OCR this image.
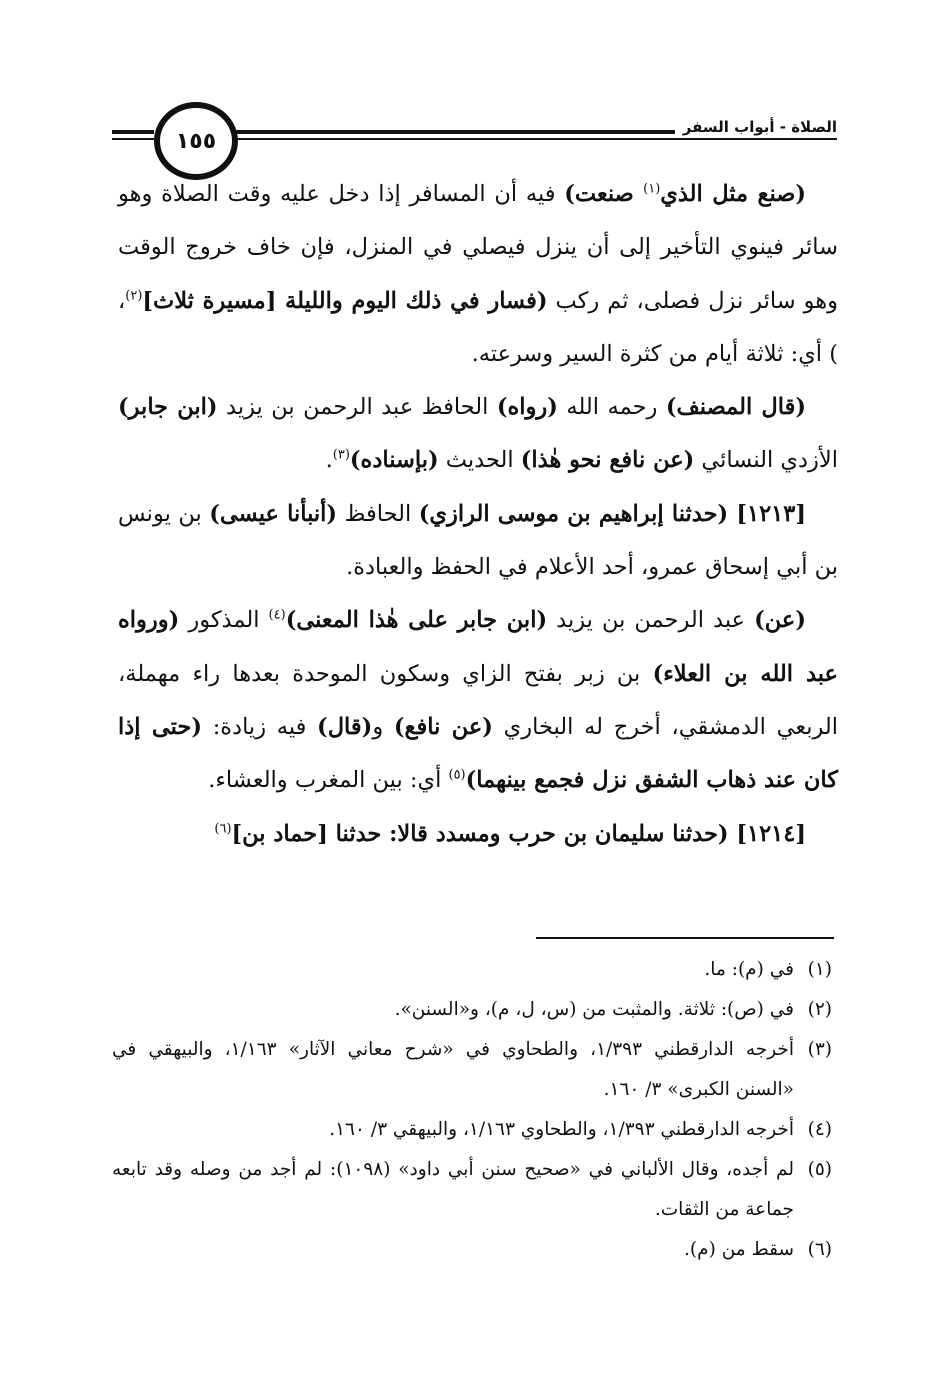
١٥٥
الصلاة - أبواب السفر

(صنع مثل الذي$^{(١)}$ صنعت) فيه أن المسافر إذا دخل عليه وقت الصلاة وهو سائر فينوي التأخير إلى أن ينزل فيصلي في المنزل، فإن خاف خروج الوقت وهو سائر نزل فصلى، ثم ركب (فسار في ذلك اليوم والليلة [مسيرة ثلاث]$^{(٢)}$، ) أي: ثلاثة أيام من كثرة السير وسرعته.

(قال المصنف) رحمه الله (رواه) الحافظ عبد الرحمن بن يزيد (ابن جابر) الأزدي النسائي (عن نافع نحو هٰذا) الحديث (بإسناده)$^{(٣)}$.

[١٢١٣] (حدثنا إبراهيم بن موسى الرازي) الحافظ (أنبأنا عيسى) بن يونس بن أبي إسحاق عمرو، أحد الأعلام في الحفظ والعبادة.

(عن) عبد الرحمن بن يزيد (ابن جابر على هٰذا المعنى)$^{(٤)}$ المذكور (ورواه عبد الله بن العلاء) بن زبر بفتح الزاي وسكون الموحدة بعدها راء مهملة، الربعي الدمشقي، أخرج له البخاري (عن نافع) و(قال) فيه زيادة: (حتى إذا كان عند ذهاب الشفق نزل فجمع بينهما)$^{(٥)}$ أي: بين المغرب والعشاء.

[١٢١٤] (حدثنا سليمان بن حرب ومسدد قالا: حدثنا [حماد بن]$^{(٦)}$

(١)
في (م): ما.
(٢)
في (ص): ثلاثة. والمثبت من (س، ل، م)، و«السنن».
(٣)
أخرجه الدارقطني ١/٣٩٣، والطحاوي في «شرح معاني الآثار» ١/١٦٣، والبيهقي في «السنن الكبرى» ٣/ ١٦٠.
(٤)
أخرجه الدارقطني ١/٣٩٣، والطحاوي ١/١٦٣، والبيهقي ٣/ ١٦٠.
(٥)
لم أجده، وقال الألباني في «صحيح سنن أبي داود» (١٠٩٨): لم أجد من وصله وقد تابعه جماعة من الثقات.
(٦)
سقط من (م).
